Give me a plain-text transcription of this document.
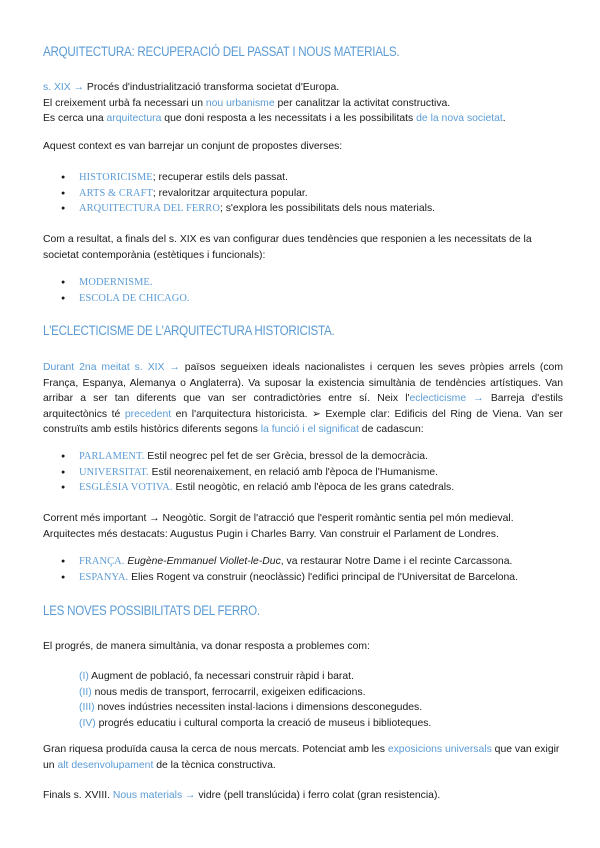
ARQUITECTURA: RECUPERACIÓ DEL PASSAT I NOUS MATERIALS.
s. XIX → Procés d'industrialització transforma societat d'Europa.
El creixement urbà fa necessari un nou urbanisme per canalitzar la activitat constructiva.
Es cerca una arquitectura que doni resposta a les necessitats i a les possibilitats de la nova societat.
Aquest context es van barrejar un conjunt de propostes diverses:
● HISTORICISME; recuperar estils dels passat.
● ARTS & CRAFT; revaloritzar arquitectura popular.
● ARQUITECTURA DEL FERRO; s'explora les possibilitats dels nous materials.
Com a resultat, a finals del s. XIX es van configurar dues tendències que responien a les necessitats de la societat contemporània (estètiques i funcionals):
● MODERNISME.
● ESCOLA DE CHICAGO.
L'ECLECTICISME DE L'ARQUITECTURA HISTORICISTA.
Durant 2na meitat s. XIX → països segueixen ideals nacionalistes i cerquen les seves pròpies arrels (com França, Espanya, Alemanya o Anglaterra). Va suposar la existencia simultània de tendències artístiques. Van arribar a ser tan diferents que van ser contradictòries entre sí. Neix l'eclecticisme → Barreja d'estils arquitectònics té precedent en l'arquitectura historicista. ➢ Exemple clar: Edificis del Ring de Viena. Van ser construïts amb estils històrics diferents segons la funció i el significat de cadascun:
● PARLAMENT. Estil neogrec pel fet de ser Grècia, bressol de la democràcia.
● UNIVERSITAT. Estil neorenaixement, en relació amb l'època de l'Humanisme.
● ESGLÉSIA VOTIVA. Estil neogòtic, en relació amb l'època de les grans catedrals.
Corrent més important → Neogòtic. Sorgit de l'atracció que l'esperit romàntic sentia pel món medieval.
Arquitectes més destacats: Augustus Pugin i Charles Barry. Van construir el Parlament de Londres.
● FRANÇA. Eugène-Emmanuel Viollet-le-Duc, va restaurar Notre Dame i el recinte Carcassona.
● ESPANYA. Elies Rogent va construir (neoclàssic) l'edifici principal de l'Universitat de Barcelona.
LES NOVES POSSIBILITATS DEL FERRO.
El progrés, de manera simultània, va donar resposta a problemes com:
(I) Augment de població, fa necessari construir ràpid i barat.
(II) nous medis de transport, ferrocarril, exigeixen edificacions.
(III) noves indústries necessiten instal·lacions i dimensions desconegudes.
(IV) progrés educatiu i cultural comporta la creació de museus i biblioteques.
Gran riquesa produïda causa la cerca de nous mercats. Potenciat amb les exposicions universals que van exigir un alt desenvolupament de la tècnica constructiva.
Finals s. XVIII. Nous materials → vidre (pell translúcida) i ferro colat (gran resistencia).
